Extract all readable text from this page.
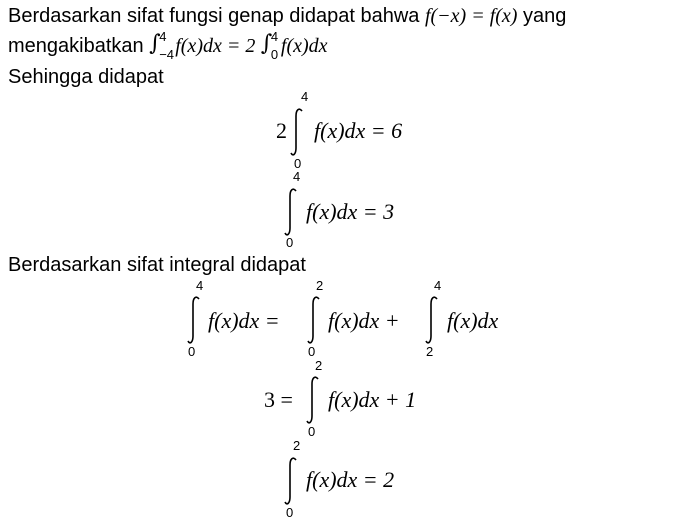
Berdasarkan sifat fungsi genap didapat bahwa f(−x) = f(x) yang
mengakibatkan ∫
4
−4 f(x)dx = 2 ∫
4
0 f(x)dx
Sehingga didapat
2
4
0
f(x)dx = 6
4
0
f(x)dx = 3
Berdasarkan sifat integral didapat
4
0
f(x)dx =
2
0
f(x)dx +
4
2
f(x)dx
3 =
2
0
f(x)dx + 1
2
0
f(x)dx = 2
